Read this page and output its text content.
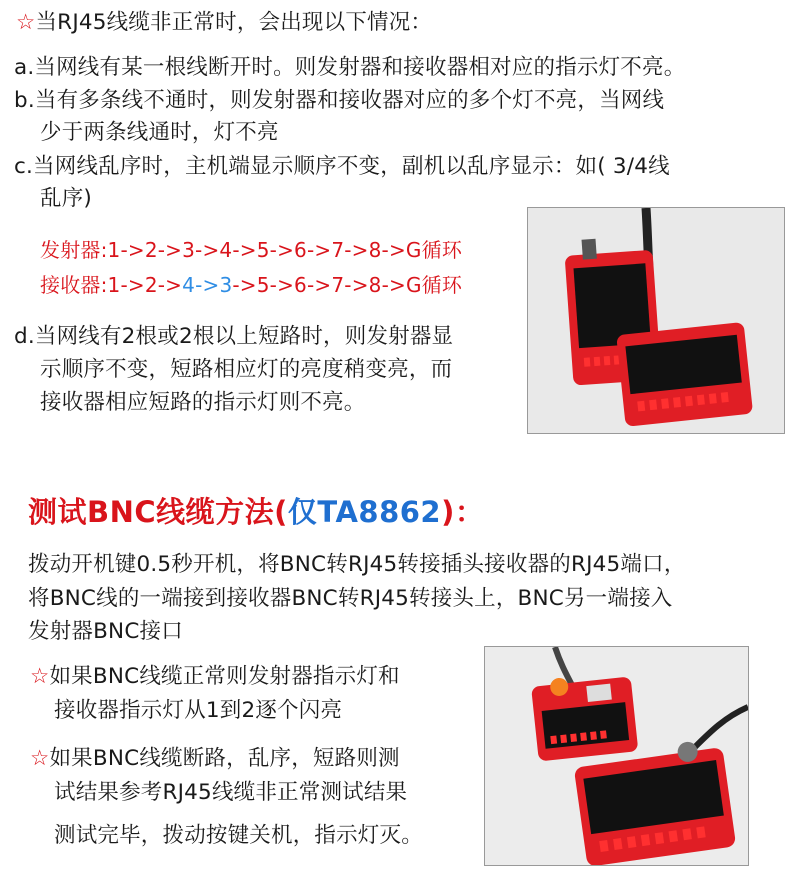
☆当RJ45线缆非正常时，会出现以下情况：
a.当网线有某一根线断开时。则发射器和接收器相对应的指示灯不亮。
b.当有多条线不通时，则发射器和接收器对应的多个灯不亮，当网线
少于两条线通时，灯不亮
c.当网线乱序时，主机端显示顺序不变，副机以乱序显示：如( 3/4线
乱序)
发射器:1->2->3->4->5->6->7->8->G循环
接收器:1->2->4->3->5->6->7->8->G循环
d.当网线有2根或2根以上短路时，则发射器显
示顺序不变，短路相应灯的亮度稍变亮，而
接收器相应短路的指示灯则不亮。
测试BNC线缆方法(仅TA8862)：
拨动开机键0.5秒开机，将BNC转RJ45转接插头接收器的RJ45端口，
将BNC线的一端接到接收器BNC转RJ45转接头上，BNC另一端接入
发射器BNC接口
☆如果BNC线缆正常则发射器指示灯和
接收器指示灯从1到2逐个闪亮
☆如果BNC线缆断路，乱序，短路则测
试结果参考RJ45线缆非正常测试结果
测试完毕，拨动按键关机，指示灯灭。
